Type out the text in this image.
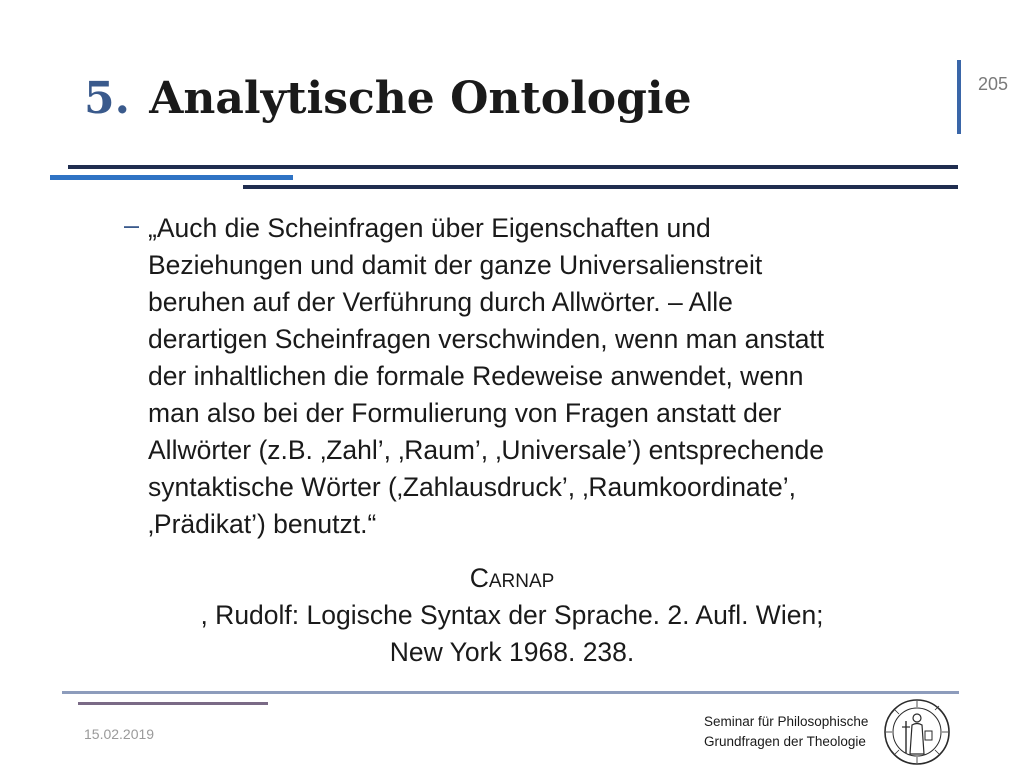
5. Analytische Ontologie	205
– „Auch die Scheinfragen über Eigenschaften und
Beziehungen und damit der ganze Universalienstreit
beruhen auf der Verführung durch Allwörter. – Alle
derartigen Scheinfragen verschwinden, wenn man anstatt
der inhaltlichen die formale Redeweise anwendet, wenn
man also bei der Formulierung von Fragen anstatt der
Allwörter (z.B. ‚Zahl’, ‚Raum’, ‚Universale’) entsprechende
syntaktische Wörter (‚Zahlausdruck’, ‚Raumkoordinate’,
‚Prädikat’) benutzt.“

Carnap
, Rudolf: Logische Syntax der Sprache. 2. Aufl. Wien;
New York 1968. 238.

15.02.2019
Seminar für Philosophische
Grundfragen der Theologie
